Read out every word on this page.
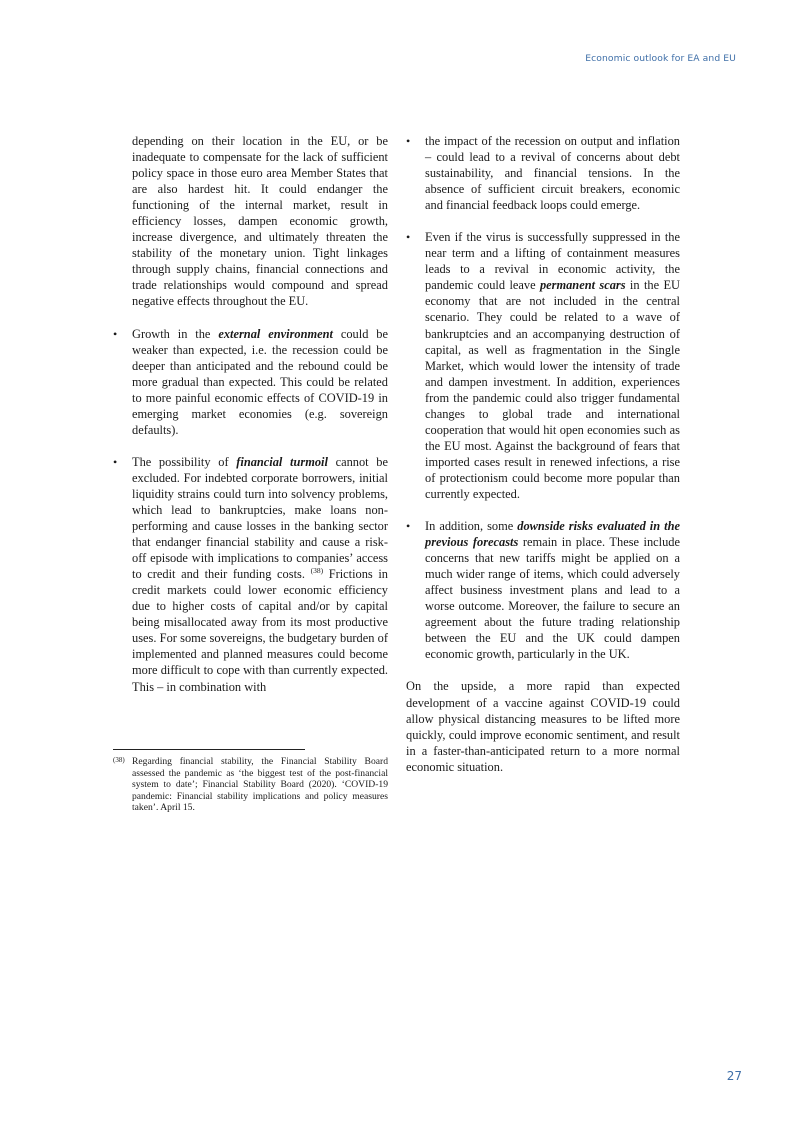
Economic outlook for EA and EU

depending on their location in the EU, or be inadequate to compensate for the lack of sufficient policy space in those euro area Member States that are also hardest hit. It could endanger the functioning of the internal market, result in efficiency losses, dampen economic growth, increase divergence, and ultimately threaten the stability of the monetary union. Tight linkages through supply chains, financial connections and trade relationships would compound and spread negative effects throughout the EU.

• Growth in the external environment could be weaker than expected, i.e. the recession could be deeper than anticipated and the rebound could be more gradual than expected. This could be related to more painful economic effects of COVID-19 in emerging market economies (e.g. sovereign defaults).

• The possibility of financial turmoil cannot be excluded. For indebted corporate borrowers, initial liquidity strains could turn into solvency problems, which lead to bankruptcies, make loans non-performing and cause losses in the banking sector that endanger financial stability and cause a risk-off episode with implications to companies’ access to credit and their funding costs. $^{(38)}$ Frictions in credit markets could lower economic efficiency due to higher costs of capital and/or by capital being misallocated away from its most productive uses. For some sovereigns, the budgetary burden of implemented and planned measures could become more difficult to cope with than currently expected. This – in combination with

• the impact of the recession on output and inflation – could lead to a revival of concerns about debt sustainability, and financial tensions. In the absence of sufficient circuit breakers, economic and financial feedback loops could emerge.

• Even if the virus is successfully suppressed in the near term and a lifting of containment measures leads to a revival in economic activity, the pandemic could leave permanent scars in the EU economy that are not included in the central scenario. They could be related to a wave of bankruptcies and an accompanying destruction of capital, as well as fragmentation in the Single Market, which would lower the intensity of trade and dampen investment. In addition, experiences from the pandemic could also trigger fundamental changes to global trade and international cooperation that would hit open economies such as the EU most. Against the background of fears that imported cases result in renewed infections, a rise of protectionism could become more popular than currently expected.

• In addition, some downside risks evaluated in the previous forecasts remain in place. These include concerns that new tariffs might be applied on a much wider range of items, which could adversely affect business investment plans and lead to a worse outcome. Moreover, the failure to secure an agreement about the future trading relationship between the EU and the UK could dampen economic growth, particularly in the UK.

On the upside, a more rapid than expected development of a vaccine against COVID-19 could allow physical distancing measures to be lifted more quickly, could improve economic sentiment, and result in a faster-than-anticipated return to a more normal economic situation.

(38) Regarding financial stability, the Financial Stability Board assessed the pandemic as ‘the biggest test of the post-financial system to date’; Financial Stability Board (2020). ‘COVID-19 pandemic: Financial stability implications and policy measures taken’. April 15.
27
